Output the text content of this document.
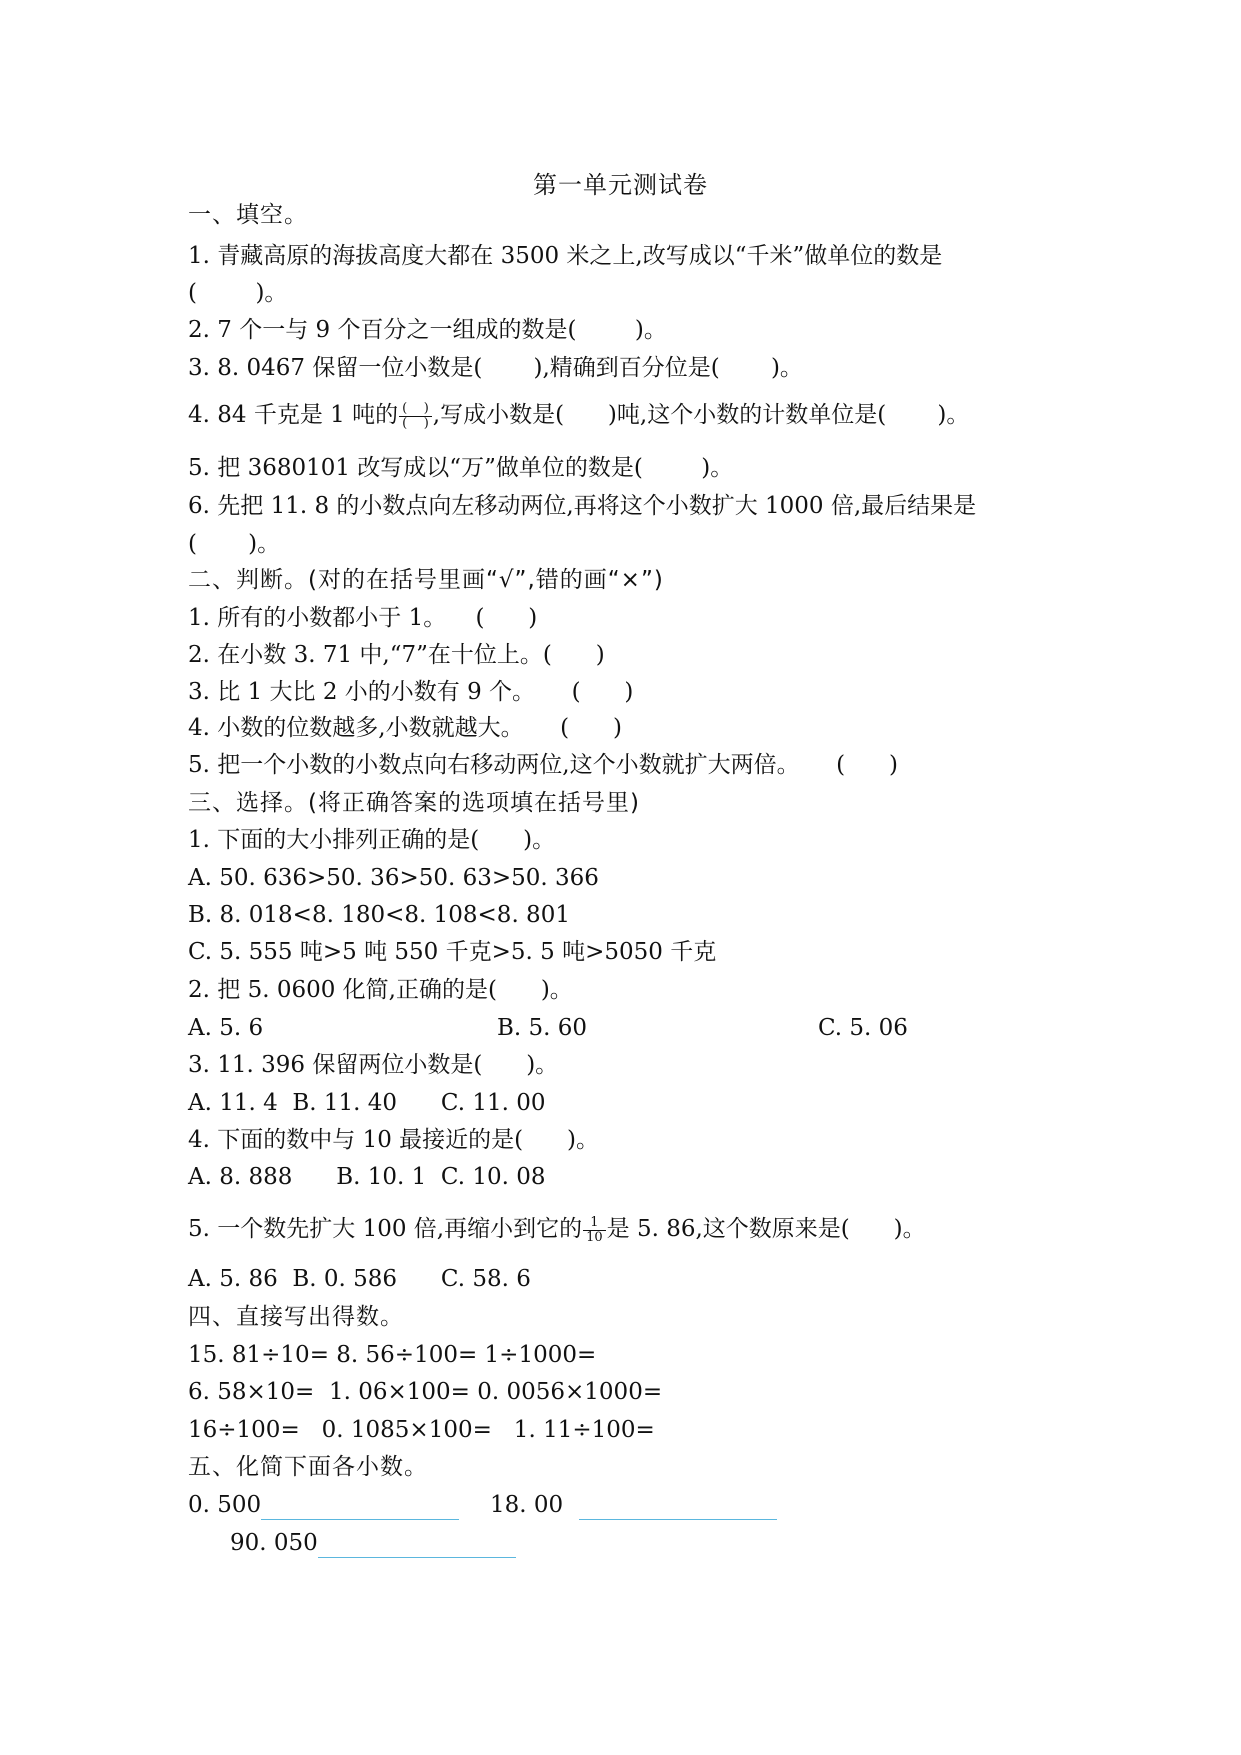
第一单元测试卷
一、填空。
1. 青藏高原的海拔高度大都在 3500 米之上,改写成以“千米”做单位的数是
(        )。
2. 7 个一与 9 个百分之一组成的数是(        )。
3. 8. 0467 保留一位小数是(       ),精确到百分位是(       )。
4. 84 千克是 1 吨的 $\frac{( )}{( )}$ ,写成小数是(      )吨,这个小数的计数单位是(       )。
5. 把 3680101 改写成以“万”做单位的数是(        )。
6. 先把 11. 8 的小数点向左移动两位,再将这个小数扩大 1000 倍,最后结果是
(       )。
二、判断。(对的在括号里画“√”,错的画“×”)
1. 所有的小数都小于 1。    (      )
2. 在小数 3. 71 中,“7”在十位上。(      )
3. 比 1 大比 2 小的小数有 9 个。     (      )
4. 小数的位数越多,小数就越大。     (      )
5. 把一个小数的小数点向右移动两位,这个小数就扩大两倍。     (      )
三、选择。(将正确答案的选项填在括号里)
1. 下面的大小排列正确的是(      )。
A. 50. 636>50. 36>50. 63>50. 366
B. 8. 018<8. 180<8. 108<8. 801
C. 5. 555 吨>5 吨 550 千克>5. 5 吨>5050 千克
2. 把 5. 0600 化简,正确的是(      )。
A. 5. 6	B. 5. 60	C. 5. 06
3. 11. 396 保留两位小数是(      )。
A. 11. 4  B. 11. 40      C. 11. 00
4. 下面的数中与 10 最接近的是(      )。
A. 8. 888      B. 10. 1  C. 10. 08
5. 一个数先扩大 100 倍,再缩小到它的 $\frac{1}{10}$ 是 5. 86,这个数原来是(      )。
A. 5. 86  B. 0. 586      C. 58. 6
四、直接写出得数。
15. 81÷10= 8. 56÷100= 1÷1000=
6. 58×10=  1. 06×100= 0. 0056×1000=
16÷100=   0. 1085×100=   1. 11÷100=
五、化简下面各小数。
0. 500	18. 00
90. 050
